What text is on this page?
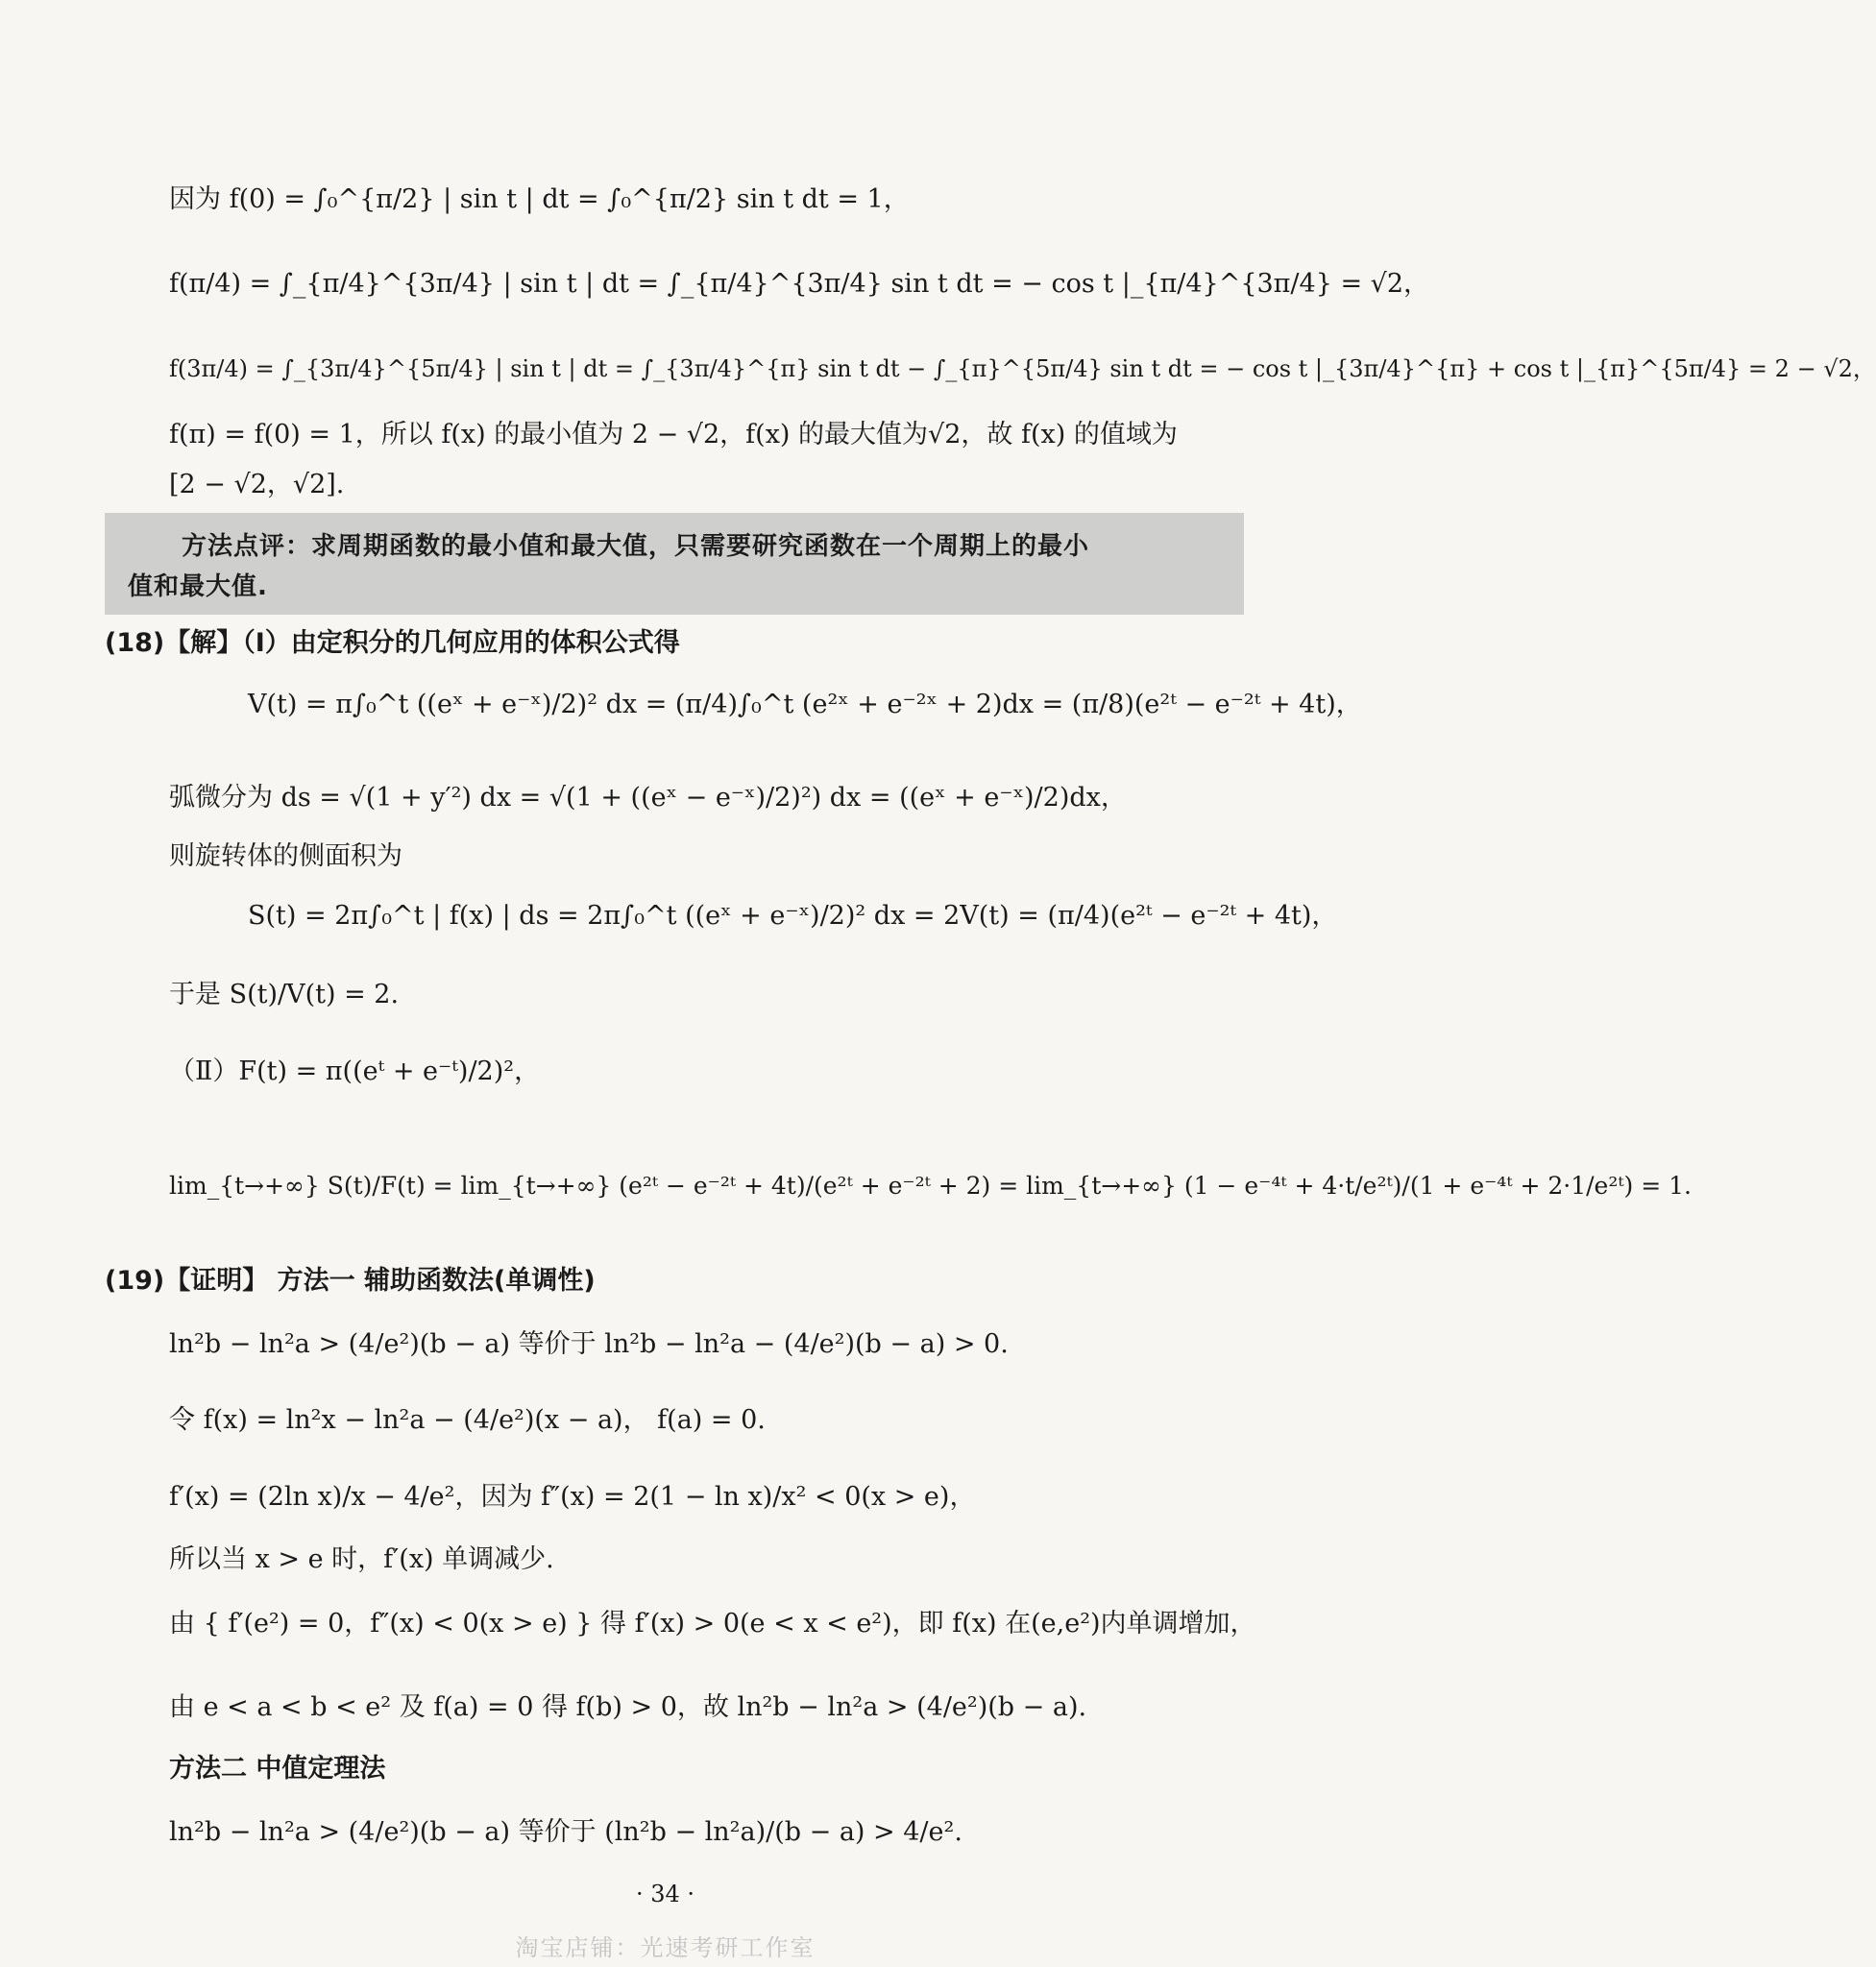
因为 f(0) = ∫₀^{π/2} | sin t | dt = ∫₀^{π/2} sin t dt = 1，
f(π/4) = ∫_{π/4}^{3π/4} | sin t | dt = ∫_{π/4}^{3π/4} sin t dt = − cos t |_{π/4}^{3π/4} = √2，
f(3π/4) = ∫_{3π/4}^{5π/4} | sin t | dt = ∫_{3π/4}^{π} sin t dt − ∫_{π}^{5π/4} sin t dt = − cos t |_{3π/4}^{π} + cos t |_{π}^{5π/4} = 2 − √2，
f(π) = f(0) = 1，所以 f(x) 的最小值为 2 − √2，f(x) 的最大值为√2，故 f(x) 的值域为
[2 − √2，√2].
方法点评：求周期函数的最小值和最大值，只需要研究函数在一个周期上的最小
值和最大值.
(18)【解】（Ⅰ）由定积分的几何应用的体积公式得
V(t) = π∫₀^t ((eˣ + e⁻ˣ)/2)² dx = (π/4)∫₀^t (e²ˣ + e⁻²ˣ + 2)dx = (π/8)(e²ᵗ − e⁻²ᵗ + 4t)，
弧微分为 ds = √(1 + y′²) dx = √(1 + ((eˣ − e⁻ˣ)/2)²) dx = ((eˣ + e⁻ˣ)/2)dx，
则旋转体的侧面积为
S(t) = 2π∫₀^t | f(x) | ds = 2π∫₀^t ((eˣ + e⁻ˣ)/2)² dx = 2V(t) = (π/4)(e²ᵗ − e⁻²ᵗ + 4t)，
于是 S(t)/V(t) = 2.
（Ⅱ）F(t) = π((eᵗ + e⁻ᵗ)/2)²，
lim_{t→+∞} S(t)/F(t) = lim_{t→+∞} (e²ᵗ − e⁻²ᵗ + 4t)/(e²ᵗ + e⁻²ᵗ + 2) = lim_{t→+∞} (1 − e⁻⁴ᵗ + 4·t/e²ᵗ)/(1 + e⁻⁴ᵗ + 2·1/e²ᵗ) = 1.
(19)【证明】 方法一 辅助函数法(单调性)
ln²b − ln²a > (4/e²)(b − a) 等价于 ln²b − ln²a − (4/e²)(b − a) > 0.
令 f(x) = ln²x − ln²a − (4/e²)(x − a)， f(a) = 0.
f′(x) = (2ln x)/x − 4/e²，因为 f″(x) = 2(1 − ln x)/x² < 0(x > e)，
所以当 x > e 时，f′(x) 单调减少.
由 { f′(e²) = 0，f″(x) < 0(x > e) } 得 f′(x) > 0(e < x < e²)，即 f(x) 在(e,e²)内单调增加，
由 e < a < b < e² 及 f(a) = 0 得 f(b) > 0，故 ln²b − ln²a > (4/e²)(b − a).
方法二 中值定理法
ln²b − ln²a > (4/e²)(b − a) 等价于 (ln²b − ln²a)/(b − a) > 4/e².
· 34 ·
淘宝店铺：光速考研工作室
